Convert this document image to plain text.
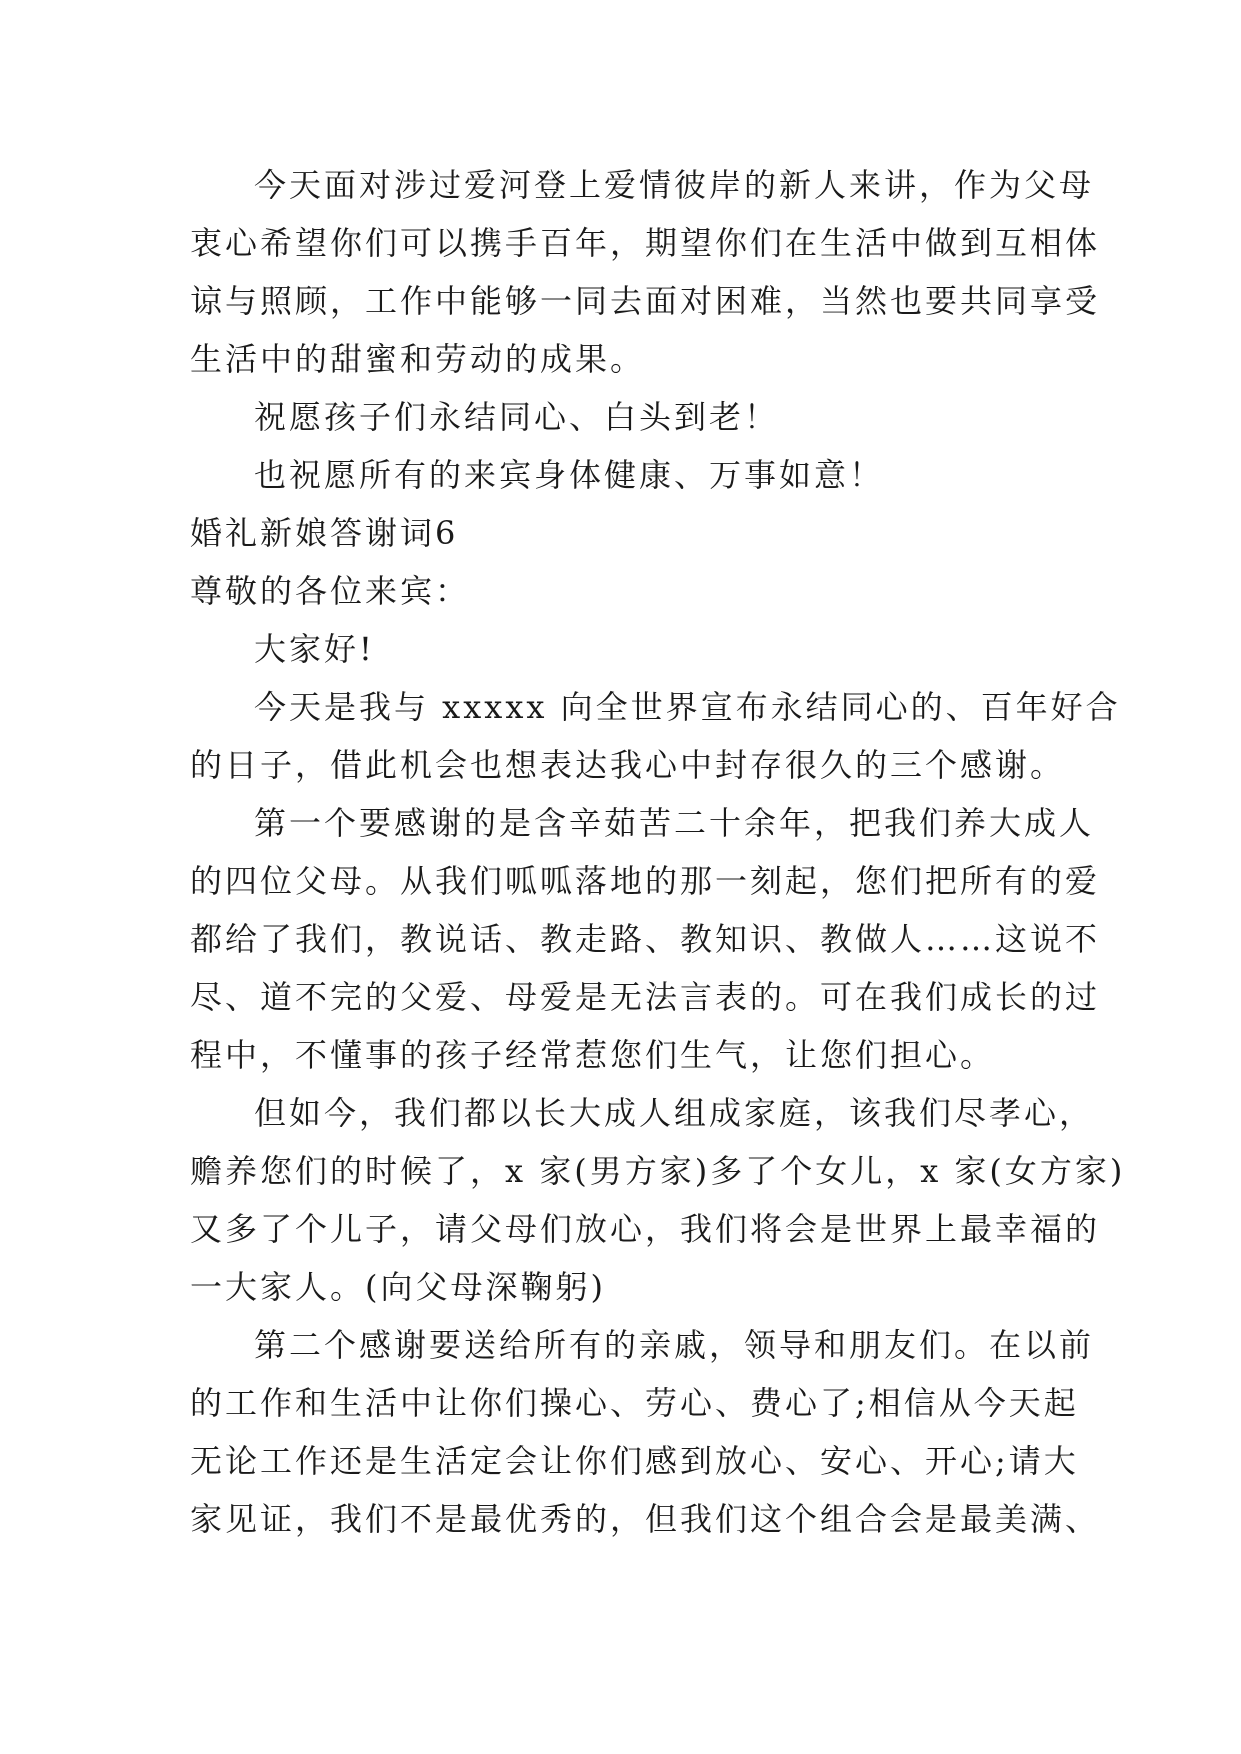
今天面对涉过爱河登上爱情彼岸的新人来讲，作为父母
衷心希望你们可以携手百年，期望你们在生活中做到互相体
谅与照顾，工作中能够一同去面对困难，当然也要共同享受
生活中的甜蜜和劳动的成果。
祝愿孩子们永结同心、白头到老！
也祝愿所有的来宾身体健康、万事如意！
婚礼新娘答谢词6
尊敬的各位来宾：
大家好!
今天是我与 xxxxx 向全世界宣布永结同心的、百年好合
的日子，借此机会也想表达我心中封存很久的三个感谢。
第一个要感谢的是含辛茹苦二十余年，把我们养大成人
的四位父母。从我们呱呱落地的那一刻起，您们把所有的爱
都给了我们，教说话、教走路、教知识、教做人……这说不
尽、道不完的父爱、母爱是无法言表的。可在我们成长的过
程中，不懂事的孩子经常惹您们生气，让您们担心。
但如今，我们都以长大成人组成家庭，该我们尽孝心，
赡养您们的时候了，x 家(男方家)多了个女儿，x 家(女方家)
又多了个儿子，请父母们放心，我们将会是世界上最幸福的
一大家人。(向父母深鞠躬)
第二个感谢要送给所有的亲戚，领导和朋友们。在以前
的工作和生活中让你们操心、劳心、费心了;相信从今天起
无论工作还是生活定会让你们感到放心、安心、开心;请大
家见证，我们不是最优秀的，但我们这个组合会是最美满、
